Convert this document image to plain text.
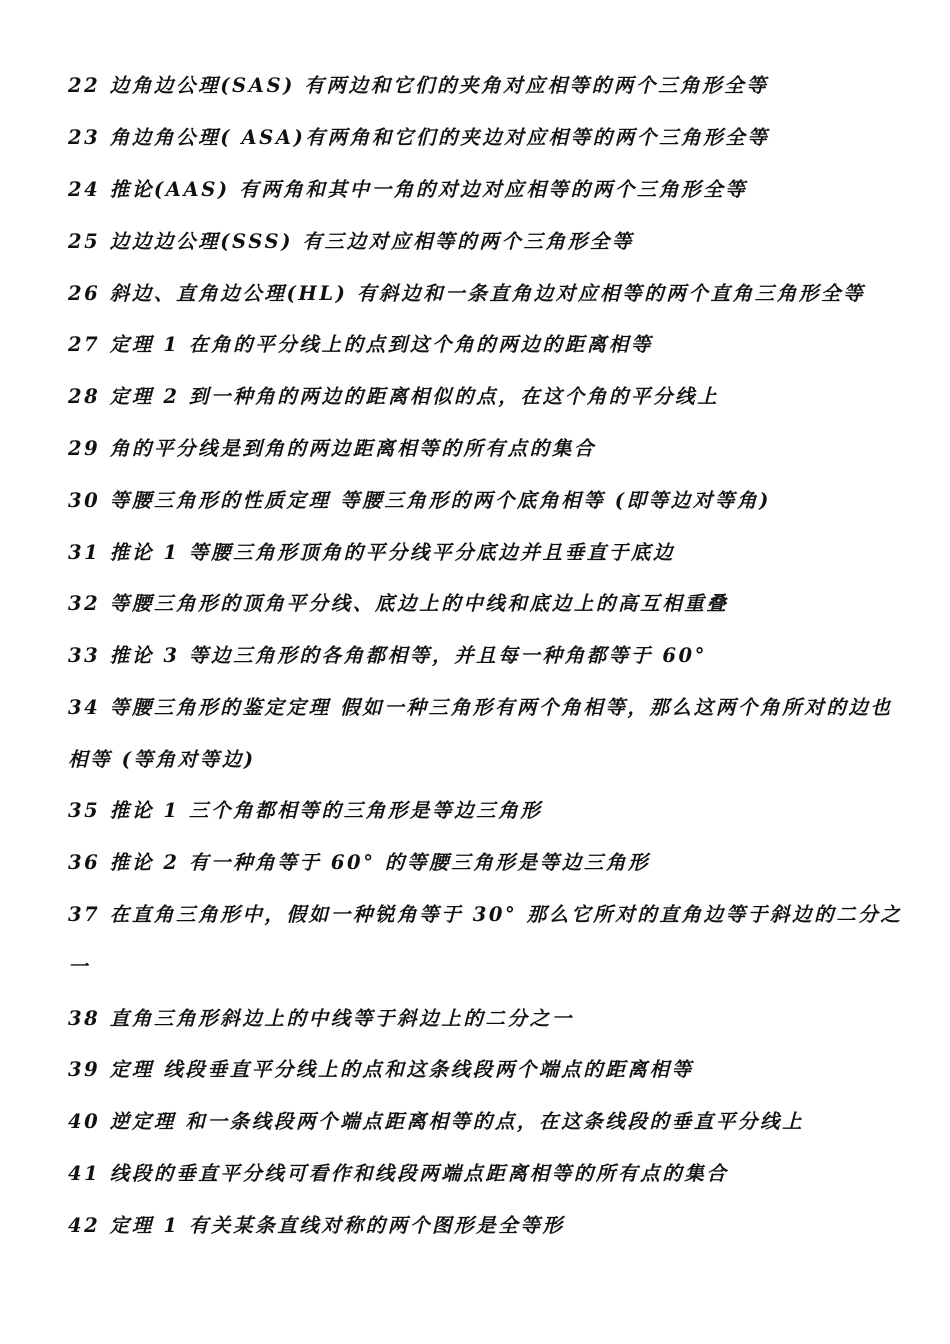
22 边角边公理(SAS) 有两边和它们的夹角对应相等的两个三角形全等
23 角边角公理( ASA)有两角和它们的夹边对应相等的两个三角形全等
24 推论(AAS) 有两角和其中一角的对边对应相等的两个三角形全等
25 边边边公理(SSS) 有三边对应相等的两个三角形全等
26 斜边、直角边公理(HL) 有斜边和一条直角边对应相等的两个直角三角形全等
27 定理 1 在角的平分线上的点到这个角的两边的距离相等
28 定理 2 到一种角的两边的距离相似的点，在这个角的平分线上
29 角的平分线是到角的两边距离相等的所有点的集合
30 等腰三角形的性质定理 等腰三角形的两个底角相等 (即等边对等角)
31 推论 1 等腰三角形顶角的平分线平分底边并且垂直于底边
32 等腰三角形的顶角平分线、底边上的中线和底边上的高互相重叠
33 推论 3 等边三角形的各角都相等，并且每一种角都等于 60°
34 等腰三角形的鉴定定理 假如一种三角形有两个角相等，那么这两个角所对的边也
相等 (等角对等边)
35 推论 1 三个角都相等的三角形是等边三角形
36 推论 2 有一种角等于 60° 的等腰三角形是等边三角形
37 在直角三角形中，假如一种锐角等于 30° 那么它所对的直角边等于斜边的二分之
一
38 直角三角形斜边上的中线等于斜边上的二分之一
39 定理 线段垂直平分线上的点和这条线段两个端点的距离相等
40 逆定理 和一条线段两个端点距离相等的点，在这条线段的垂直平分线上
41 线段的垂直平分线可看作和线段两端点距离相等的所有点的集合
42 定理 1 有关某条直线对称的两个图形是全等形
